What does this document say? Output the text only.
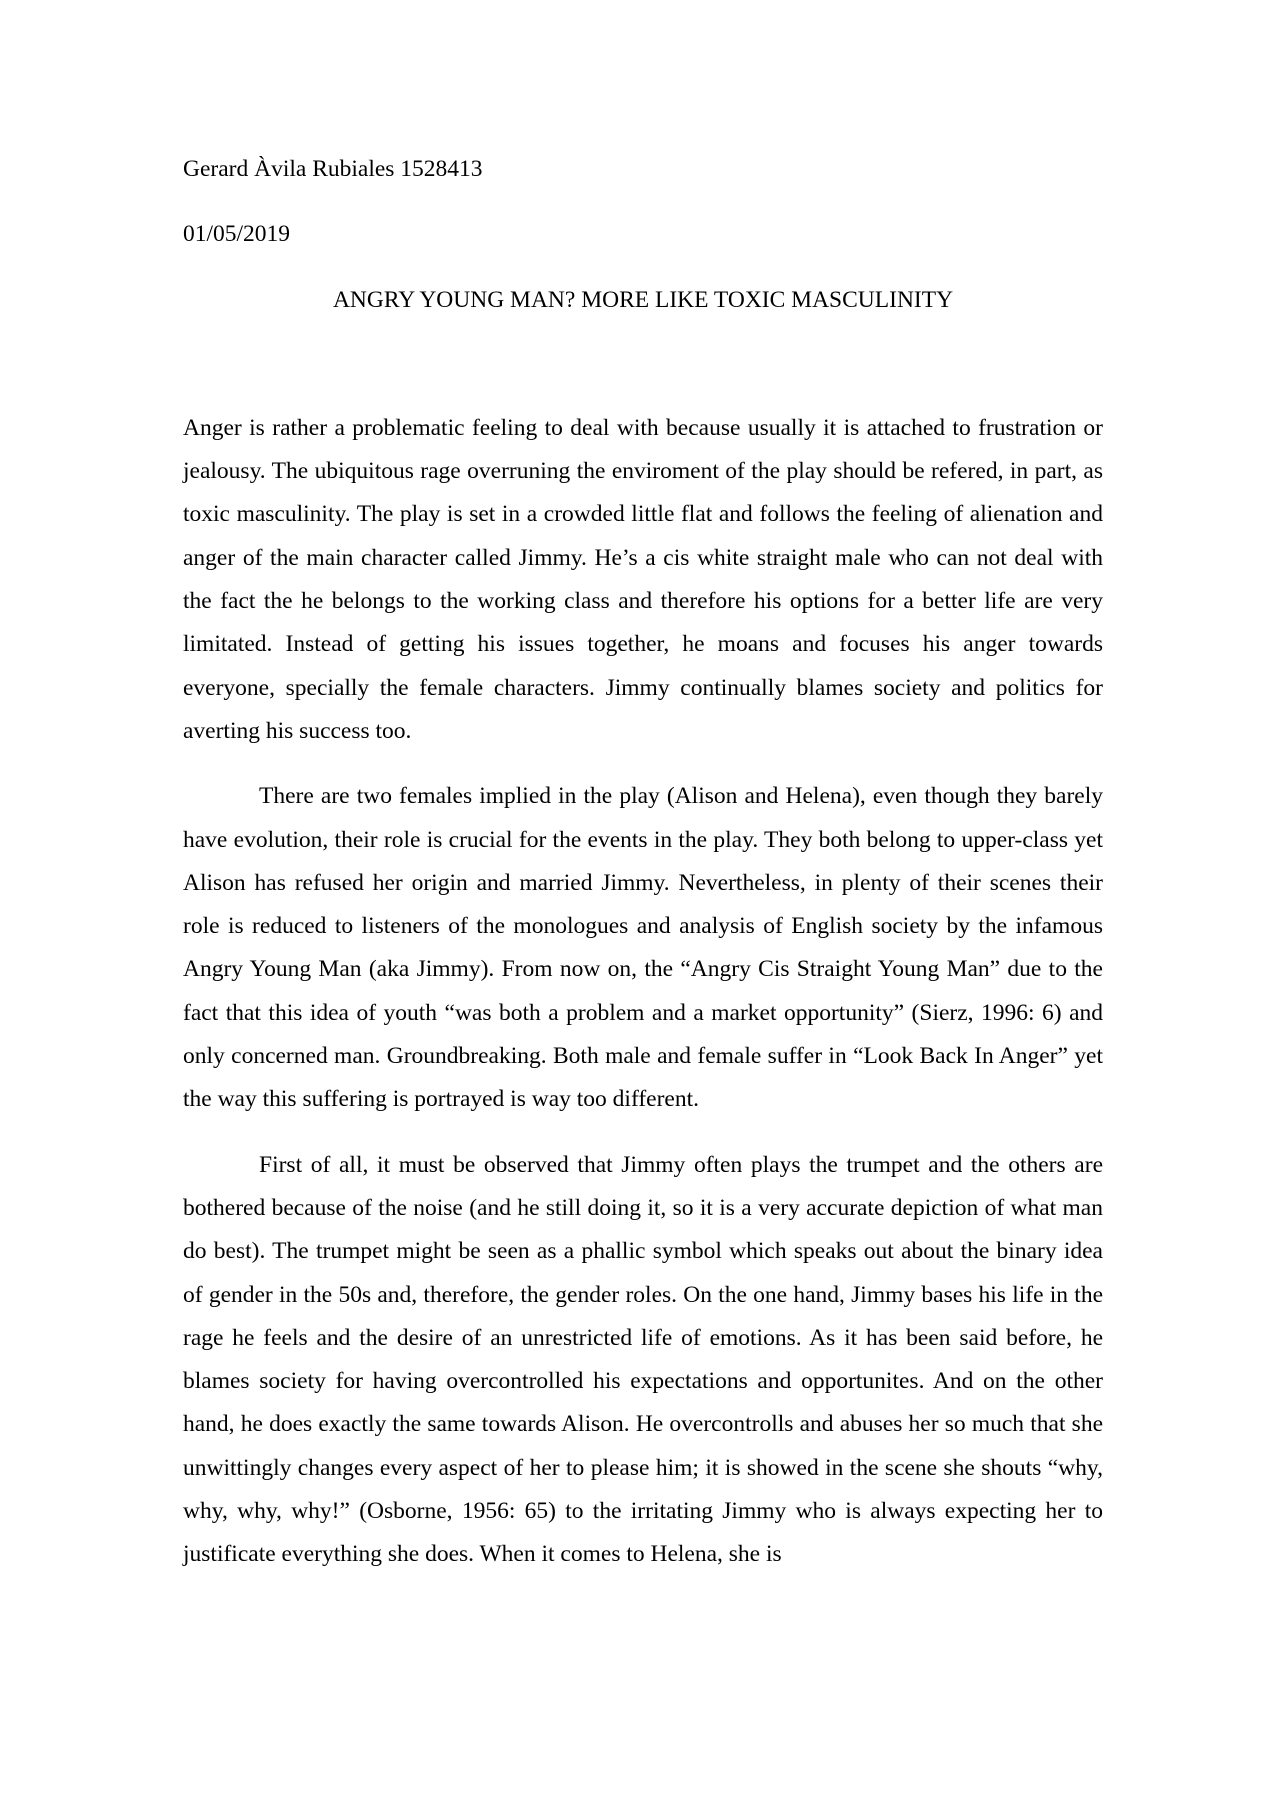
Gerard Àvila Rubiales 1528413

01/05/2019

ANGRY YOUNG MAN? MORE LIKE TOXIC MASCULINITY

Anger is rather a problematic feeling to deal with because usually it is attached to frustration or jealousy. The ubiquitous rage overruning the enviroment of the play should be refered, in part, as toxic masculinity. The play is set in a crowded little flat and follows the feeling of alienation and anger of the main character called Jimmy. He’s a cis white straight male who can not deal with the fact the he belongs to the working class and therefore his options for a better life are very limitated. Instead of getting his issues together, he moans and focuses his anger towards everyone, specially the female characters. Jimmy continually blames society and politics for averting his success too.

There are two females implied in the play (Alison and Helena), even though they barely have evolution, their role is crucial for the events in the play. They both belong to upper-class yet Alison has refused her origin and married Jimmy. Nevertheless, in plenty of their scenes their role is reduced to listeners of the monologues and analysis of English society by the infamous Angry Young Man (aka Jimmy). From now on, the “Angry Cis Straight Young Man” due to the fact that this idea of youth “was both a problem and a market opportunity” (Sierz, 1996: 6) and only concerned man. Groundbreaking. Both male and female suffer in “Look Back In Anger” yet the way this suffering is portrayed is way too different.

First of all, it must be observed that Jimmy often plays the trumpet and the others are bothered because of the noise (and he still doing it, so it is a very accurate depiction of what man do best). The trumpet might be seen as a phallic symbol which speaks out about the binary idea of gender in the 50s and, therefore, the gender roles. On the one hand, Jimmy bases his life in the rage he feels and the desire of an unrestricted life of emotions. As it has been said before, he blames society for having overcontrolled his expectations and opportunites. And on the other hand, he does exactly the same towards Alison. He overcontrolls and abuses her so much that she unwittingly changes every aspect of her to please him; it is showed in the scene she shouts “why, why, why, why!” (Osborne, 1956: 65) to the irritating Jimmy who is always expecting her to justificate everything she does. When it comes to Helena, she is
